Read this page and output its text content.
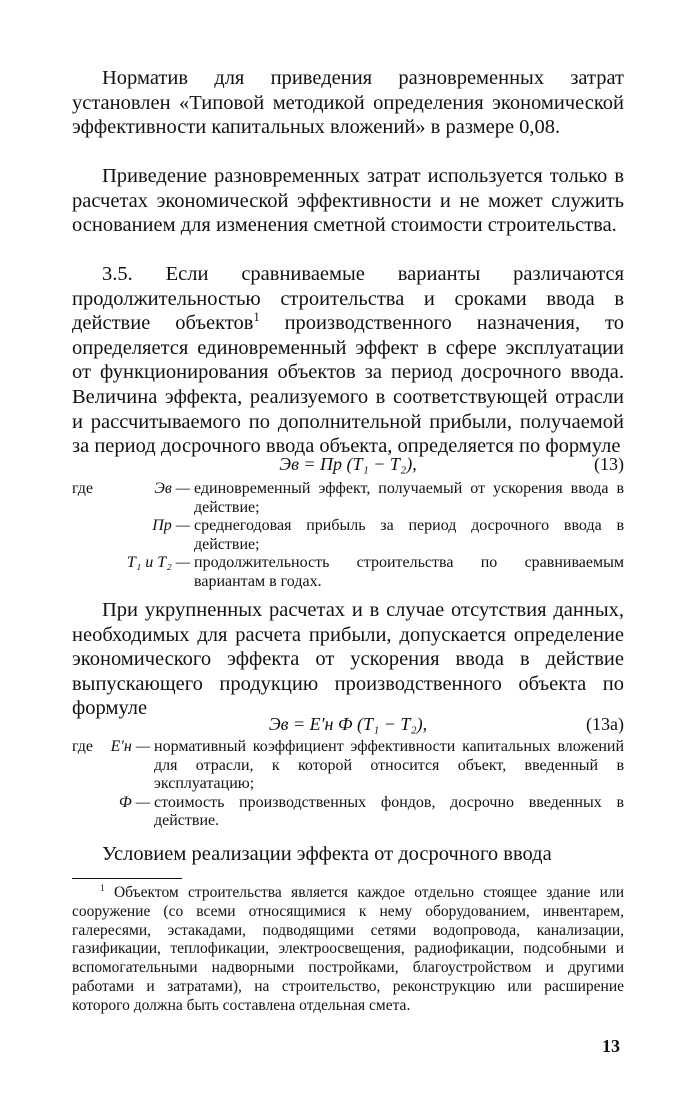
Норматив для приведения разновременных затрат установлен «Типовой методикой определения экономической эффективности капитальных вложений» в размере 0,08.

Приведение разновременных затрат используется только в расчетах экономической эффективности и не может служить основанием для изменения сметной стоимости строительства.

3.5. Если сравниваемые варианты различаются продолжительностью строительства и сроками ввода в действие объектов$^1$ производственного назначения, то определяется единовременный эффект в сфере эксплуатации от функционирования объектов за период досрочного ввода. Величина эффекта, реализуемого в соответствующей отрасли и рассчитываемого по дополнительной прибыли, получаемой за период досрочного ввода объекта, определяется по формуле

Эв = Пр (T₁ − T₂),	(13)
где	Эв — единовременный эффект, получаемый от ускорения ввода в действие;
Пр — среднегодовая прибыль за период досрочного ввода в действие;
T₁ и T₂ — продолжительность строительства по сравниваемым вариантам в годах.

При укрупненных расчетах и в случае отсутствия данных, необходимых для расчета прибыли, допускается определение экономического эффекта от ускорения ввода в действие выпускающего продукцию производственного объекта по формуле

Эв = E′н Ф (T₁ − T₂),	(13а)
где	E′н — нормативный коэффициент эффективности капитальных вложений для отрасли, к которой относится объект, введенный в эксплуатацию;
Ф — стоимость производственных фондов, досрочно введенных в действие.

Условием реализации эффекта от досрочного ввода

$^1$ Объектом строительства является каждое отдельно стоящее здание или сооружение (со всеми относящимися к нему оборудованием, инвентарем, галересями, эстакадами, подводящими сетями водопровода, канализации, газификации, теплофикации, электроосвещения, радиофикации, подсобными и вспомогательными надворными постройками, благоустройством и другими работами и затратами), на строительство, реконструкцию или расширение которого должна быть составлена отдельная смета.
13
